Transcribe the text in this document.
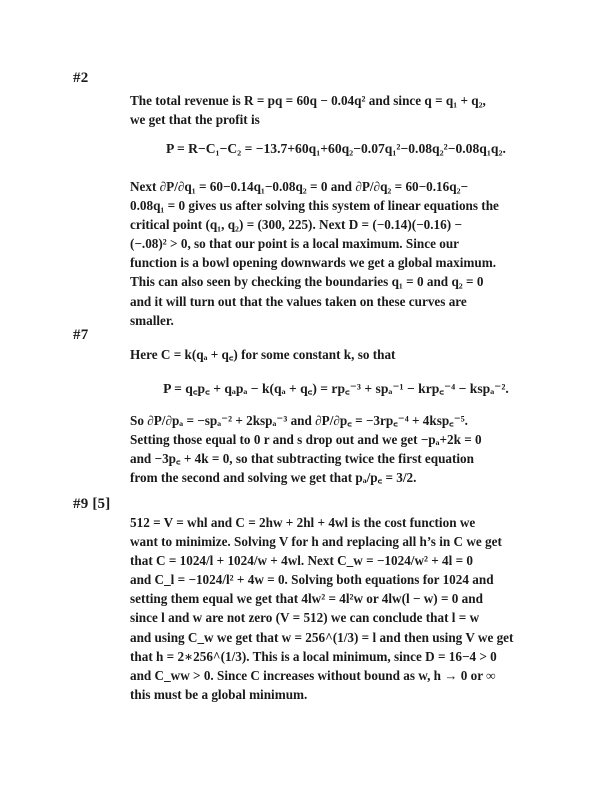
#2

The total revenue is R = pq = 60q − 0.04q² and since q = q₁ + q₂,
we get that the profit is

P = R−C₁−C₂ = −13.7+60q₁+60q₂−0.07q₁²−0.08q₂²−0.08q₁q₂.

Next ∂P/∂q₁ = 60−0.14q₁−0.08q₂ = 0 and ∂P/∂q₂ = 60−0.16q₂−
0.08q₁ = 0 gives us after solving this system of linear equations the
critical point (q₁, q₂) = (300, 225). Next D = (−0.14)(−0.16) −
(−.08)² > 0, so that our point is a local maximum. Since our
function is a bowl opening downwards we get a global maximum.
This can also seen by checking the boundaries q₁ = 0 and q₂ = 0
and it will turn out that the values taken on these curves are
smaller.

#7

Here C = k(qₐ + q꜀) for some constant k, so that

P = q꜀p꜀ + qₐpₐ − k(qₐ + q꜀) = rp꜀⁻³ + spₐ⁻¹ − krp꜀⁻⁴ − kspₐ⁻².

So ∂P/∂pₐ = −spₐ⁻² + 2kspₐ⁻³ and ∂P/∂p꜀ = −3rp꜀⁻⁴ + 4ksp꜀⁻⁵.
Setting those equal to 0 r and s drop out and we get −pₐ+2k = 0
and −3p꜀ + 4k = 0, so that subtracting twice the first equation
from the second and solving we get that pₐ/p꜀ = 3/2.

#9 [5]

512 = V = whl and C = 2hw + 2hl + 4wl is the cost function we
want to minimize. Solving V for h and replacing all h’s in C we get
that C = 1024/l + 1024/w + 4wl. Next C_w = −1024/w² + 4l = 0
and C_l = −1024/l² + 4w = 0. Solving both equations for 1024 and
setting them equal we get that 4lw² = 4l²w or 4lw(l − w) = 0 and
since l and w are not zero (V = 512) we can conclude that l = w
and using C_w we get that w = 256^(1/3) = l and then using V we get
that h = 2∗256^(1/3). This is a local minimum, since D = 16−4 > 0
and C_ww > 0. Since C increases without bound as w, h → 0 or ∞
this must be a global minimum.
